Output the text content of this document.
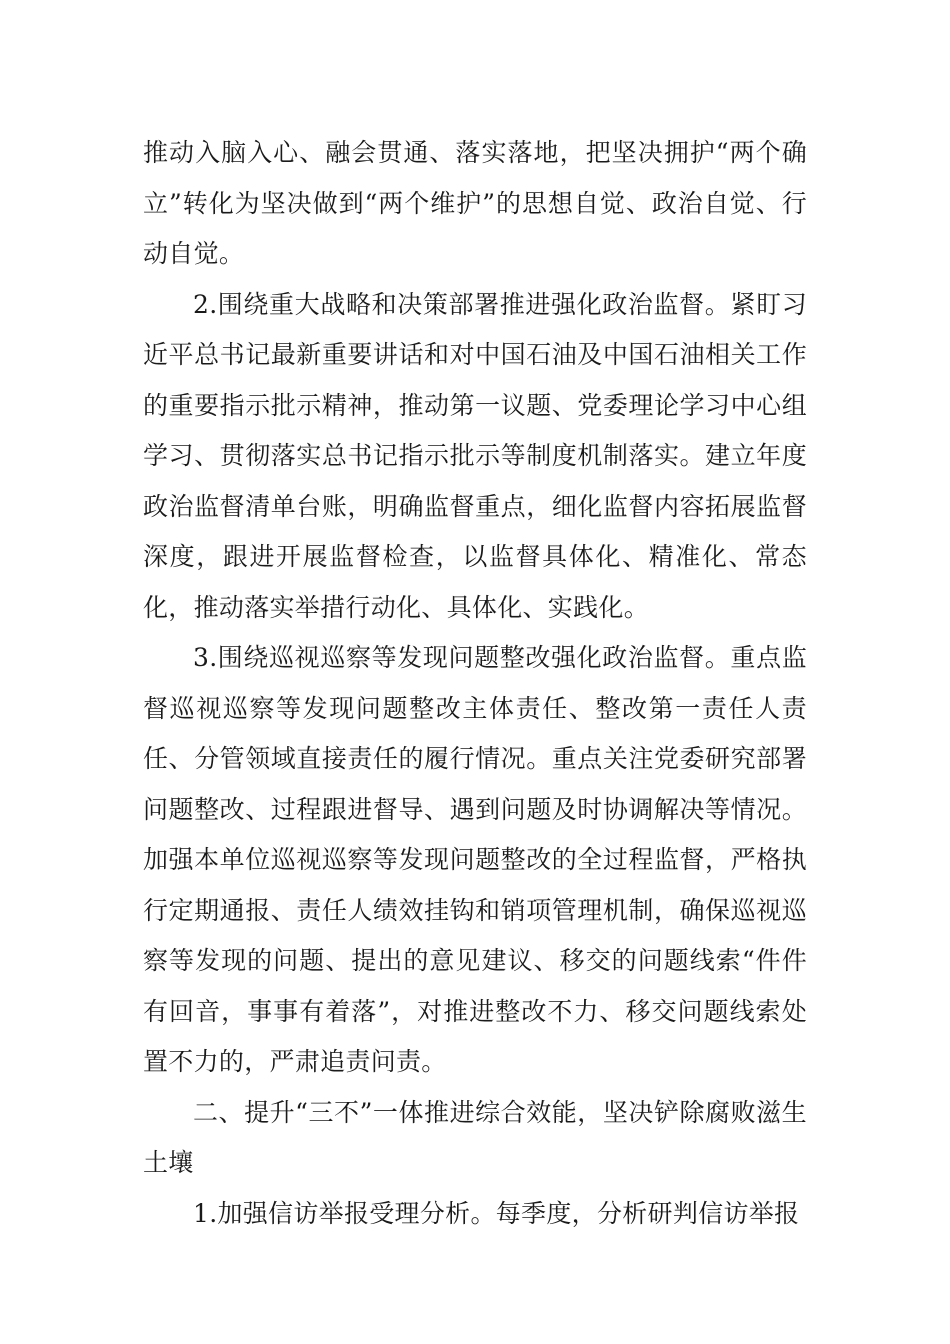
推动入脑入心、融会贯通、落实落地，把坚决拥护“两个确立”转化为坚决做到“两个维护”的思想自觉、政治自觉、行动自觉。

2.围绕重大战略和决策部署推进强化政治监督。紧盯习近平总书记最新重要讲话和对中国石油及中国石油相关工作的重要指示批示精神，推动第一议题、党委理论学习中心组学习、贯彻落实总书记指示批示等制度机制落实。建立年度政治监督清单台账，明确监督重点，细化监督内容拓展监督深度，跟进开展监督检查，以监督具体化、精准化、常态化，推动落实举措行动化、具体化、实践化。

3.围绕巡视巡察等发现问题整改强化政治监督。重点监督巡视巡察等发现问题整改主体责任、整改第一责任人责任、分管领域直接责任的履行情况。重点关注党委研究部署问题整改、过程跟进督导、遇到问题及时协调解决等情况。加强本单位巡视巡察等发现问题整改的全过程监督，严格执行定期通报、责任人绩效挂钩和销项管理机制，确保巡视巡察等发现的问题、提出的意见建议、移交的问题线索“件件有回音，事事有着落”，对推进整改不力、移交问题线索处置不力的，严肃追责问责。

二、提升“三不”一体推进综合效能，坚决铲除腐败滋生土壤

1.加强信访举报受理分析。每季度，分析研判信访举报
